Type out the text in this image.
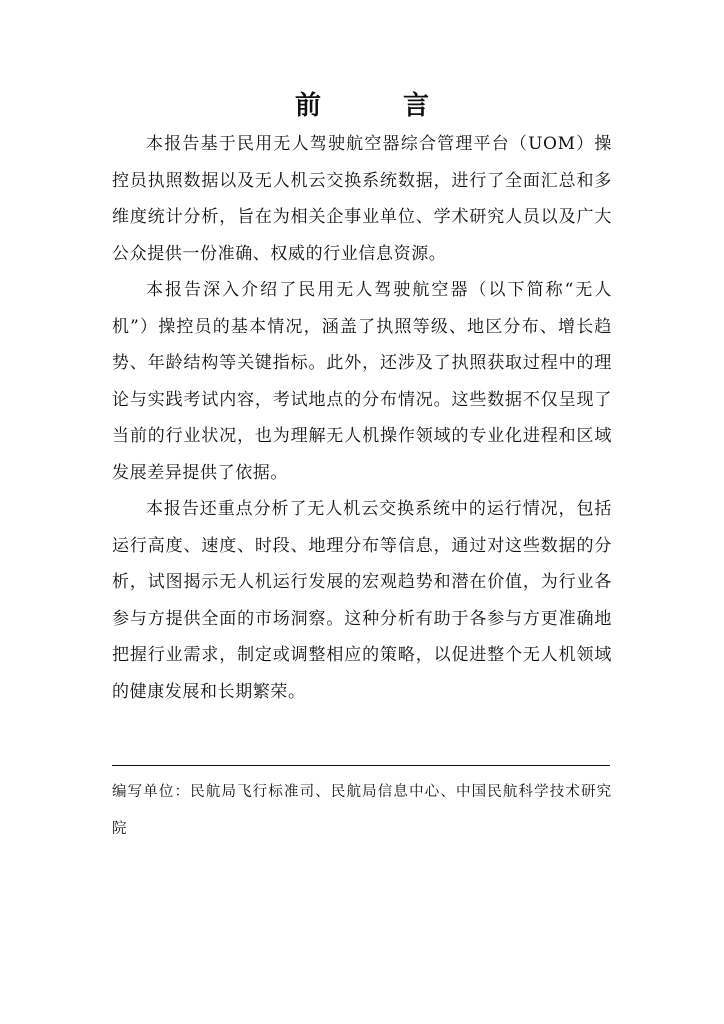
前　言

本报告基于民用无人驾驶航空器综合管理平台（UOM）操控员执照数据以及无人机云交换系统数据，进行了全面汇总和多维度统计分析，旨在为相关企事业单位、学术研究人员以及广大公众提供一份准确、权威的行业信息资源。

本报告深入介绍了民用无人驾驶航空器（以下简称“无人机”）操控员的基本情况，涵盖了执照等级、地区分布、增长趋势、年龄结构等关键指标。此外，还涉及了执照获取过程中的理论与实践考试内容，考试地点的分布情况。这些数据不仅呈现了当前的行业状况，也为理解无人机操作领域的专业化进程和区域发展差异提供了依据。

本报告还重点分析了无人机云交换系统中的运行情况，包括运行高度、速度、时段、地理分布等信息，通过对这些数据的分析，试图揭示无人机运行发展的宏观趋势和潜在价值，为行业各参与方提供全面的市场洞察。这种分析有助于各参与方更准确地把握行业需求，制定或调整相应的策略，以促进整个无人机领域的健康发展和长期繁荣。

编写单位：民航局飞行标准司、民航局信息中心、中国民航科学技术研究院
